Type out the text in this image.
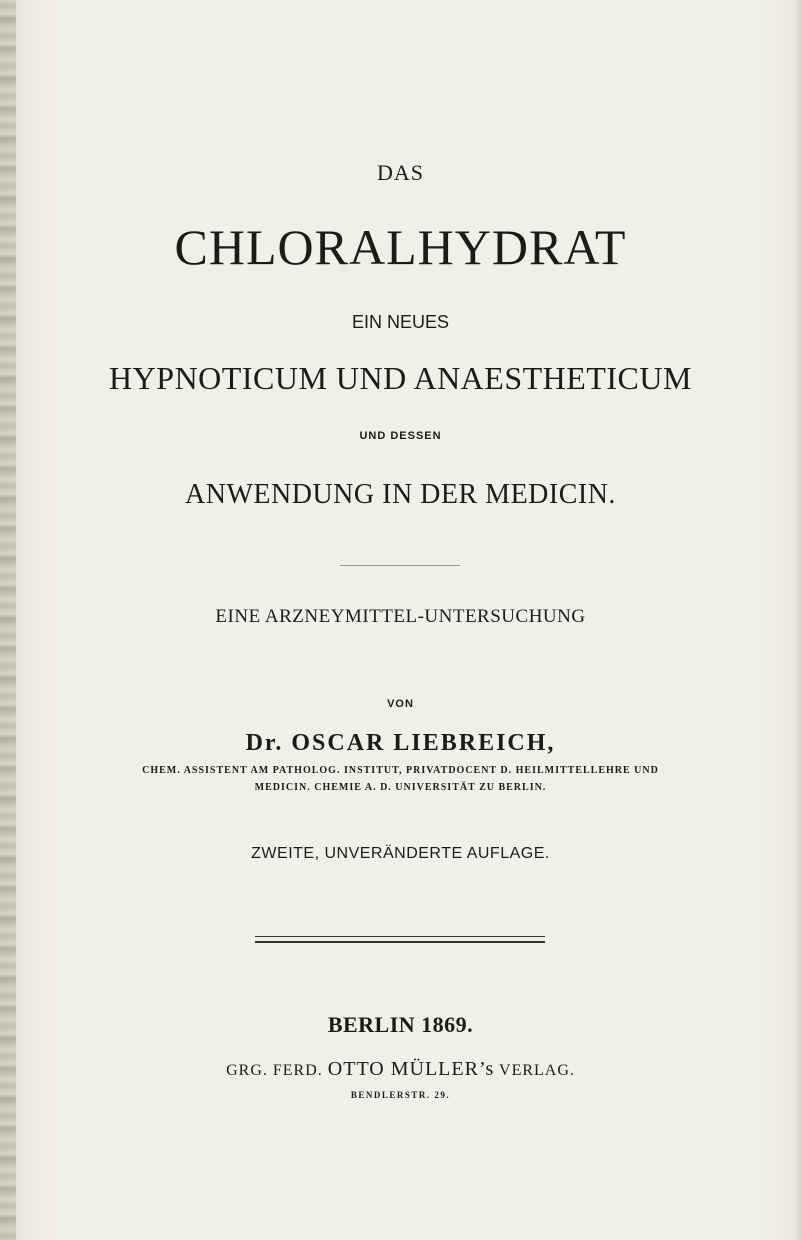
DAS
CHLORALHYDRAT
EIN NEUES
HYPNOTICUM UND ANAESTHETICUM
UND DESSEN
ANWENDUNG IN DER MEDICIN.
EINE ARZNEYMITTEL-UNTERSUCHUNG
VON
Dr. OSCAR LIEBREICH,
CHEM. ASSISTENT AM PATHOLOG. INSTITUT, PRIVATDOCENT D. HEILMITTELLEHRE UND
MEDICIN. CHEMIE A. D. UNIVERSITÄT ZU BERLIN.
ZWEITE, UNVERÄNDERTE AUFLAGE.
BERLIN 1869.
GRG. FERD. OTTO MÜLLER’s VERLAG.
BENDLERSTR. 29.
